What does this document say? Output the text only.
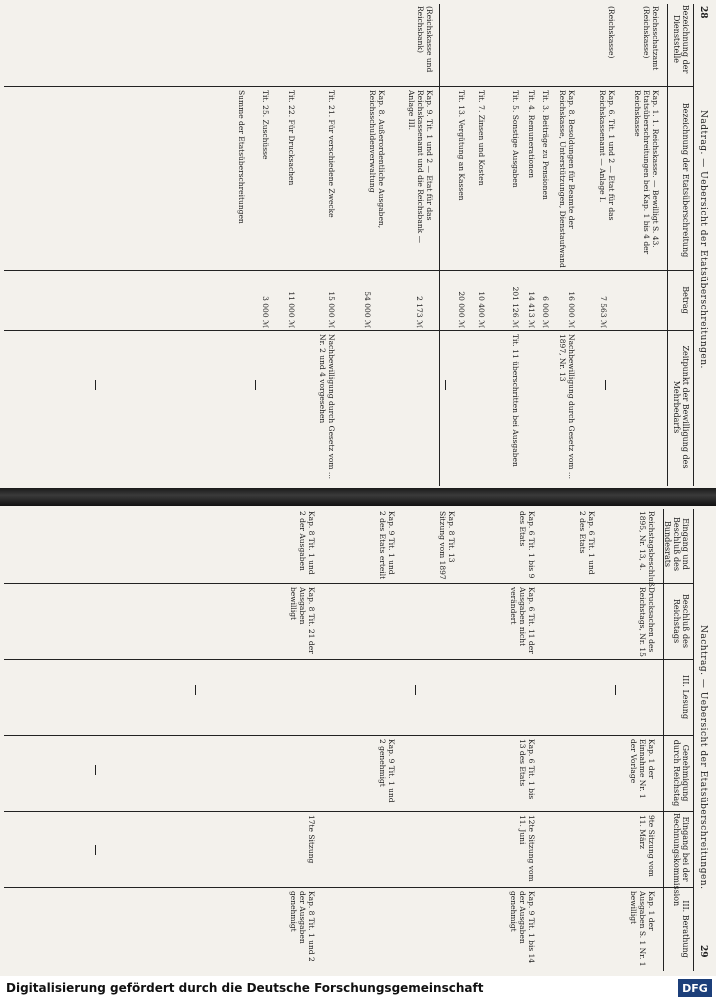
28
Nadtrag. — Uebersicht der Etatsüberschreitungen.
Bezeichnung der Dienststelle
Bezeichnung der Etatsüberschreitung
Betrag
Zeitpunkt der Bewilligung des Mehrbedarfs
Reichsschatzamt (Reichskasse)
Kap. 1. 1. Reichskasse. — Bewilligt S. 43. Etatsüberschreitungen bei Kap. 1 bis 4 der Reichskasse
(Reichskasse)
Kap. 6. Tit. 1 und 2 — Etat für das Reichskassenamt — Anlage I.
7 563 ℳ
Kap. 8. Besoldungen für Beamte der Reichskasse, Unterstützungen, Dienstaufwand
16 000 ℳ
Nachbewilligung durch Gesetz vom ... 1897, Nr. 13
Tit. 3. Beiträge zu Pensionen
6 000 ℳ
Tit. 4. Remunerationen
14 413 ℳ
Tit. 5. Sonstige Ausgaben
201 126 ℳ
Tit. 11 überschritten bei Ausgaben
Tit. 7. Zinsen und Kosten
10 400 ℳ
Tit. 13. Vergütung an Kassen
20 000 ℳ
(Reichskasse und Reichsbank)
Kap. 9. Tit. 1 und 2 — Etat für das Reichskassenamt und die Reichsbank — Anlage III.
2 173 ℳ
Kap. 8. Außerordentliche Ausgaben, Reichsschuldenverwaltung
54 000 ℳ
Tit. 21. Für verschiedene Zwecke
15 000 ℳ
Nachbewilligung durch Gesetz vom ... Nr. 2 und 4 vorgesehen
Tit. 22. Für Drucksachen
11 000 ℳ
Tit. 25. Zuschüsse
3 000 ℳ
Summe der Etatsüberschreitungen
Nachtrag. — Uebersicht der Etatsüberschreitungen.
29
Eingang und Beschluß des Bundesrats
Beschluß des Reichstags
III. Lesung
Genehmigung durch Reichstag
Eingang bei der Rechnungskommission
III. Berathung
Reichstagsbeschluß 1895, Nr. 13, 4.
Drucksachen des Reichstags, Nr. 15
Kap. 1 der Einnahme Nr. 1 der Vorlage
9te Sitzung vom 11. März
Kap. 1 der Ausgaben S. 1 Nr. 1 bewilligt
Kap. 6 Tit. 1 und 2 des Etats
Kap. 6 Tit. 1 bis 9 des Etats
Kap. 6 Tit. 11 der Ausgaben nicht verändert
Kap. 6 Tit. 1 bis 13 des Etats
12te Sitzung vom 11. Juni
Kap. 9 Tit. 1 bis 14 der Ausgaben genehmigt
Kap. 8 Tit. 13 Sitzung vom 1897
Kap. 9 Tit. 1 und 2 des Etats erteilt
Kap. 9 Tit. 1 und 2 genehmigt
Kap. 8 Tit. 1 und 2 der Ausgaben
Kap. 8 Tit. 21 der Ausgaben bewilligt
17te Sitzung
Kap. 8 Tit. 1 und 2 der Ausgaben genehmigt
Digitalisierung gefördert durch die Deutsche Forschungsgemeinschaft	DFG
